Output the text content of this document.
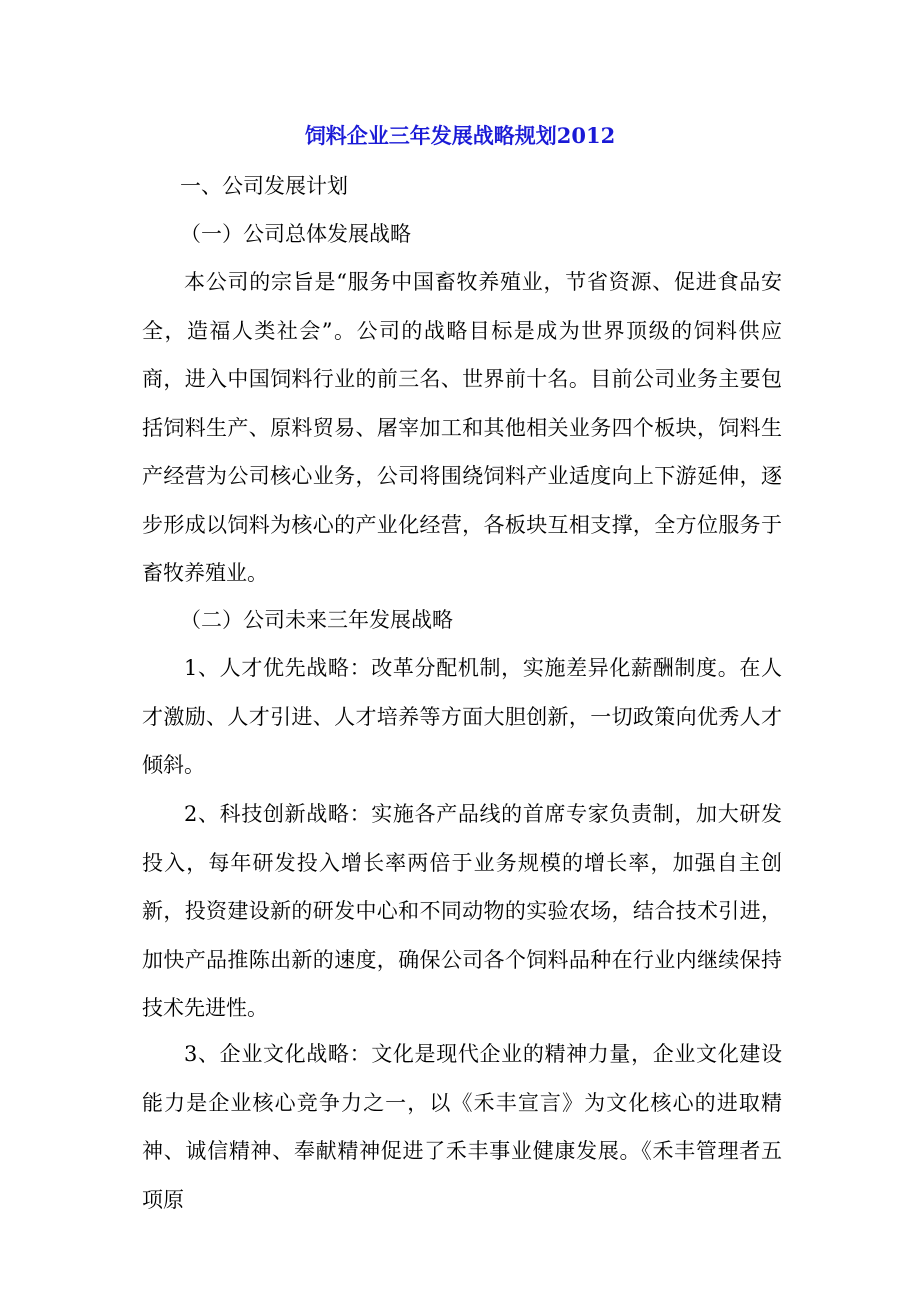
饲料企业三年发展战略规划2012

一、公司发展计划

（一）公司总体发展战略

本公司的宗旨是“服务中国畜牧养殖业，节省资源、促进食品安全，造福人类社会”。公司的战略目标是成为世界顶级的饲料供应商，进入中国饲料行业的前三名、世界前十名。目前公司业务主要包括饲料生产、原料贸易、屠宰加工和其他相关业务四个板块，饲料生产经营为公司核心业务，公司将围绕饲料产业适度向上下游延伸，逐步形成以饲料为核心的产业化经营，各板块互相支撑，全方位服务于畜牧养殖业。

（二）公司未来三年发展战略

1、人才优先战略：改革分配机制，实施差异化薪酬制度。在人才激励、人才引进、人才培养等方面大胆创新，一切政策向优秀人才倾斜。

2、科技创新战略：实施各产品线的首席专家负责制，加大研发投入，每年研发投入增长率两倍于业务规模的增长率，加强自主创新，投资建设新的研发中心和不同动物的实验农场，结合技术引进，加快产品推陈出新的速度，确保公司各个饲料品种在行业内继续保持技术先进性。

3、企业文化战略：文化是现代企业的精神力量，企业文化建设能力是企业核心竞争力之一，以《禾丰宣言》为文化核心的进取精神、诚信精神、奉献精神促进了禾丰事业健康发展。《禾丰管理者五项原
